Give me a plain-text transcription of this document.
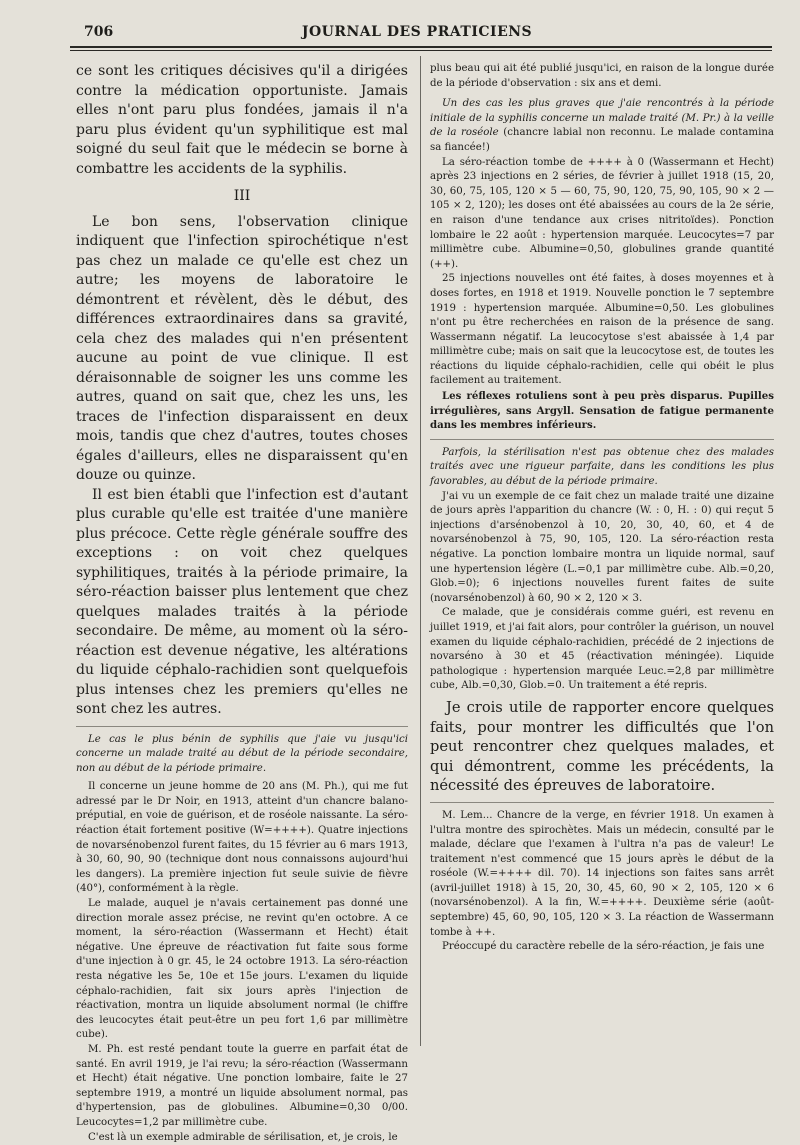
706	JOURNAL DES PRATICIENS

ce sont les critiques décisives qu'il a dirigées contre la médication opportuniste. Jamais elles n'ont paru plus fondées, jamais il n'a paru plus évident qu'un syphilitique est mal soigné du seul fait que le médecin se borne à combattre les accidents de la syphilis.

III

Le bon sens, l'observation clinique indiquent que l'infection spirochétique n'est pas chez un malade ce qu'elle est chez un autre; les moyens de laboratoire le démontrent et révèlent, dès le début, des différences extraordinaires dans sa gravité, cela chez des malades qui n'en présentent aucune au point de vue clinique. Il est déraisonnable de soigner les uns comme les autres, quand on sait que, chez les uns, les traces de l'infection disparaissent en deux mois, tandis que chez d'autres, toutes choses égales d'ailleurs, elles ne disparaissent qu'en douze ou quinze.

Il est bien établi que l'infection est d'autant plus curable qu'elle est traitée d'une manière plus précoce. Cette règle générale souffre des exceptions : on voit chez quelques syphilitiques, traités à la période primaire, la séro-réaction baisser plus lentement que chez quelques malades traités à la période secondaire. De même, au moment où la séro-réaction est devenue négative, les altérations du liquide céphalo-rachidien sont quelquefois plus intenses chez les premiers qu'elles ne sont chez les autres.

Le cas le plus bénin de syphilis que j'aie vu jusqu'ici concerne un malade traité au début de la période secondaire, non au début de la période primaire.

Il concerne un jeune homme de 20 ans (M. Ph.), qui me fut adressé par le Dr Noir, en 1913, atteint d'un chancre balano-préputial, en voie de guérison, et de roséole naissante. La séro-réaction était fortement positive (W=++++). Quatre injections de novarsénobenzol furent faites, du 15 février au 6 mars 1913, à 30, 60, 90, 90 (technique dont nous connaissons aujourd'hui les dangers). La première injection fut seule suivie de fièvre (40°), conformément à la règle.

Le malade, auquel je n'avais certainement pas donné une direction morale assez précise, ne revint qu'en octobre. A ce moment, la séro-réaction (Wassermann et Hecht) était négative. Une épreuve de réactivation fut faite sous forme d'une injection à 0 gr. 45, le 24 octobre 1913. La séro-réaction resta négative les 5e, 10e et 15e jours. L'examen du liquide céphalo-rachidien, fait six jours après l'injection de réactivation, montra un liquide absolument normal (le chiffre des leucocytes était peut-être un peu fort 1,6 par millimètre cube).

M. Ph. est resté pendant toute la guerre en parfait état de santé. En avril 1919, je l'ai revu; la séro-réaction (Wassermann et Hecht) était négative. Une ponction lombaire, faite le 27 septembre 1919, a montré un liquide absolument normal, pas d'hypertension, pas de globulines. Albumine=0,30 0/00. Leucocytes=1,2 par millimètre cube.

C'est là un exemple admirable de sérilisation, et, je crois, le

plus beau qui ait été publié jusqu'ici, en raison de la longue durée de la période d'observation : six ans et demi.

Un des cas les plus graves que j'aie rencontrés à la période initiale de la syphilis concerne un malade traité (M. Pr.) à la veille de la roséole (chancre labial non reconnu. Le malade contamina sa fiancée!)

La séro-réaction tombe de ++++ à 0 (Wassermann et Hecht) après 23 injections en 2 séries, de février à juillet 1918 (15, 20, 30, 60, 75, 105, 120 × 5 — 60, 75, 90, 120, 75, 90, 105, 90 × 2 — 105 × 2, 120); les doses ont été abaissées au cours de la 2e série, en raison d'une tendance aux crises nitritoïdes). Ponction lombaire le 22 août : hypertension marquée. Leucocytes=7 par millimètre cube. Albumine=0,50, globulines grande quantité (++).

25 injections nouvelles ont été faites, à doses moyennes et à doses fortes, en 1918 et 1919. Nouvelle ponction le 7 septembre 1919 : hypertension marquée. Albumine=0,50. Les globulines n'ont pu être recherchées en raison de la présence de sang. Wassermann négatif. La leucocytose s'est abaissée à 1,4 par millimètre cube; mais on sait que la leucocytose est, de toutes les réactions du liquide céphalo-rachidien, celle qui obéit le plus facilement au traitement.

Les réflexes rotuliens sont à peu près disparus. Pupilles irrégulières, sans Argyll. Sensation de fatigue permanente dans les membres inférieurs.

Parfois, la stérilisation n'est pas obtenue chez des malades traités avec une rigueur parfaite, dans les conditions les plus favorables, au début de la période primaire.

J'ai vu un exemple de ce fait chez un malade traité une dizaine de jours après l'apparition du chancre (W. : 0, H. : 0) qui reçut 5 injections d'arsénobenzol à 10, 20, 30, 40, 60, et 4 de novarsénobenzol à 75, 90, 105, 120. La séro-réaction resta négative. La ponction lombaire montra un liquide normal, sauf une hypertension légère (L.=0,1 par millimètre cube. Alb.=0,20, Glob.=0); 6 injections nouvelles furent faites de suite (novarsénobenzol) à 60, 90 × 2, 120 × 3.

Ce malade, que je considérais comme guéri, est revenu en juillet 1919, et j'ai fait alors, pour contrôler la guérison, un nouvel examen du liquide céphalo-rachidien, précédé de 2 injections de novarséno à 30 et 45 (réactivation méningée). Liquide pathologique : hypertension marquée Leuc.=2,8 par millimètre cube, Alb.=0,30, Glob.=0. Un traitement a été repris.

Je crois utile de rapporter encore quelques faits, pour montrer les difficultés que l'on peut rencontrer chez quelques malades, et qui démontrent, comme les précédents, la nécessité des épreuves de laboratoire.

M. Lem... Chancre de la verge, en février 1918. Un examen à l'ultra montre des spirochètes. Mais un médecin, consulté par le malade, déclare que l'examen à l'ultra n'a pas de valeur! Le traitement n'est commencé que 15 jours après le début de la roséole (W.=++++ dil. 70). 14 injections son faites sans arrêt (avril-juillet 1918) à 15, 20, 30, 45, 60, 90 × 2, 105, 120 × 6 (novarsénobenzol). A la fin, W.=++++. Deuxième série (août-septembre) 45, 60, 90, 105, 120 × 3. La réaction de Wassermann tombe à ++.

Préoccupé du caractère rebelle de la séro-réaction, je fais une
